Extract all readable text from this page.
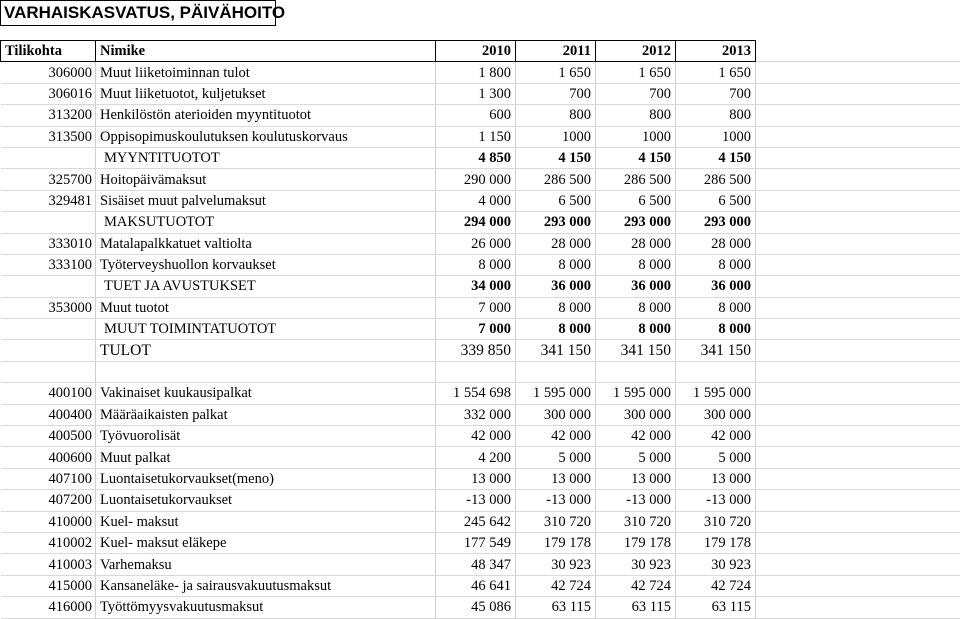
VARHAISKASVATUS, PÄIVÄHOITO
Tilikohta	Nimike	2010	2011	2012	2013	
306000	Muut liiketoiminnan tulot	1 800	1 650	1 650	1 650	
306016	Muut liiketuotot, kuljetukset	1 300	700	700	700	
313200	Henkilöstön aterioiden myyntituotot	600	800	800	800	
313500	Oppisopimuskoulutuksen koulutuskorvaus	1 150	1000	1000	1000	
	MYYNTITUOTOT	4 850	4 150	4 150	4 150	
325700	Hoitopäivämaksut	290 000	286 500	286 500	286 500	
329481	Sisäiset muut palvelumaksut	4 000	6 500	6 500	6 500	
	MAKSUTUOTOT	294 000	293 000	293 000	293 000	
333010	Matalapalkkatuet valtiolta	26 000	28 000	28 000	28 000	
333100	Työterveyshuollon korvaukset	8 000	8 000	8 000	8 000	
	TUET JA AVUSTUKSET	34 000	36 000	36 000	36 000	
353000	Muut tuotot	7 000	8 000	8 000	8 000	
	MUUT TOIMINTATUOTOT	7 000	8 000	8 000	8 000	
	TULOT	339 850	341 150	341 150	341 150	

400100	Vakinaiset kuukausipalkat	1 554 698	1 595 000	1 595 000	1 595 000	
400400	Määräaikaisten palkat	332 000	300 000	300 000	300 000	
400500	Työvuorolisät	42 000	42 000	42 000	42 000	
400600	Muut palkat	4 200	5 000	5 000	5 000	
407100	Luontaisetukorvaukset(meno)	13 000	13 000	13 000	13 000	
407200	Luontaisetukorvaukset	-13 000	-13 000	-13 000	-13 000	
410000	Kuel- maksut	245 642	310 720	310 720	310 720	
410002	Kuel- maksut eläkepe	177 549	179 178	179 178	179 178	
410003	Varhemaksu	48 347	30 923	30 923	30 923	
415000	Kansaneläke- ja sairausvakuutusmaksut	46 641	42 724	42 724	42 724	
416000	Työttömyysvakuutusmaksut	45 086	63 115	63 115	63 115	
